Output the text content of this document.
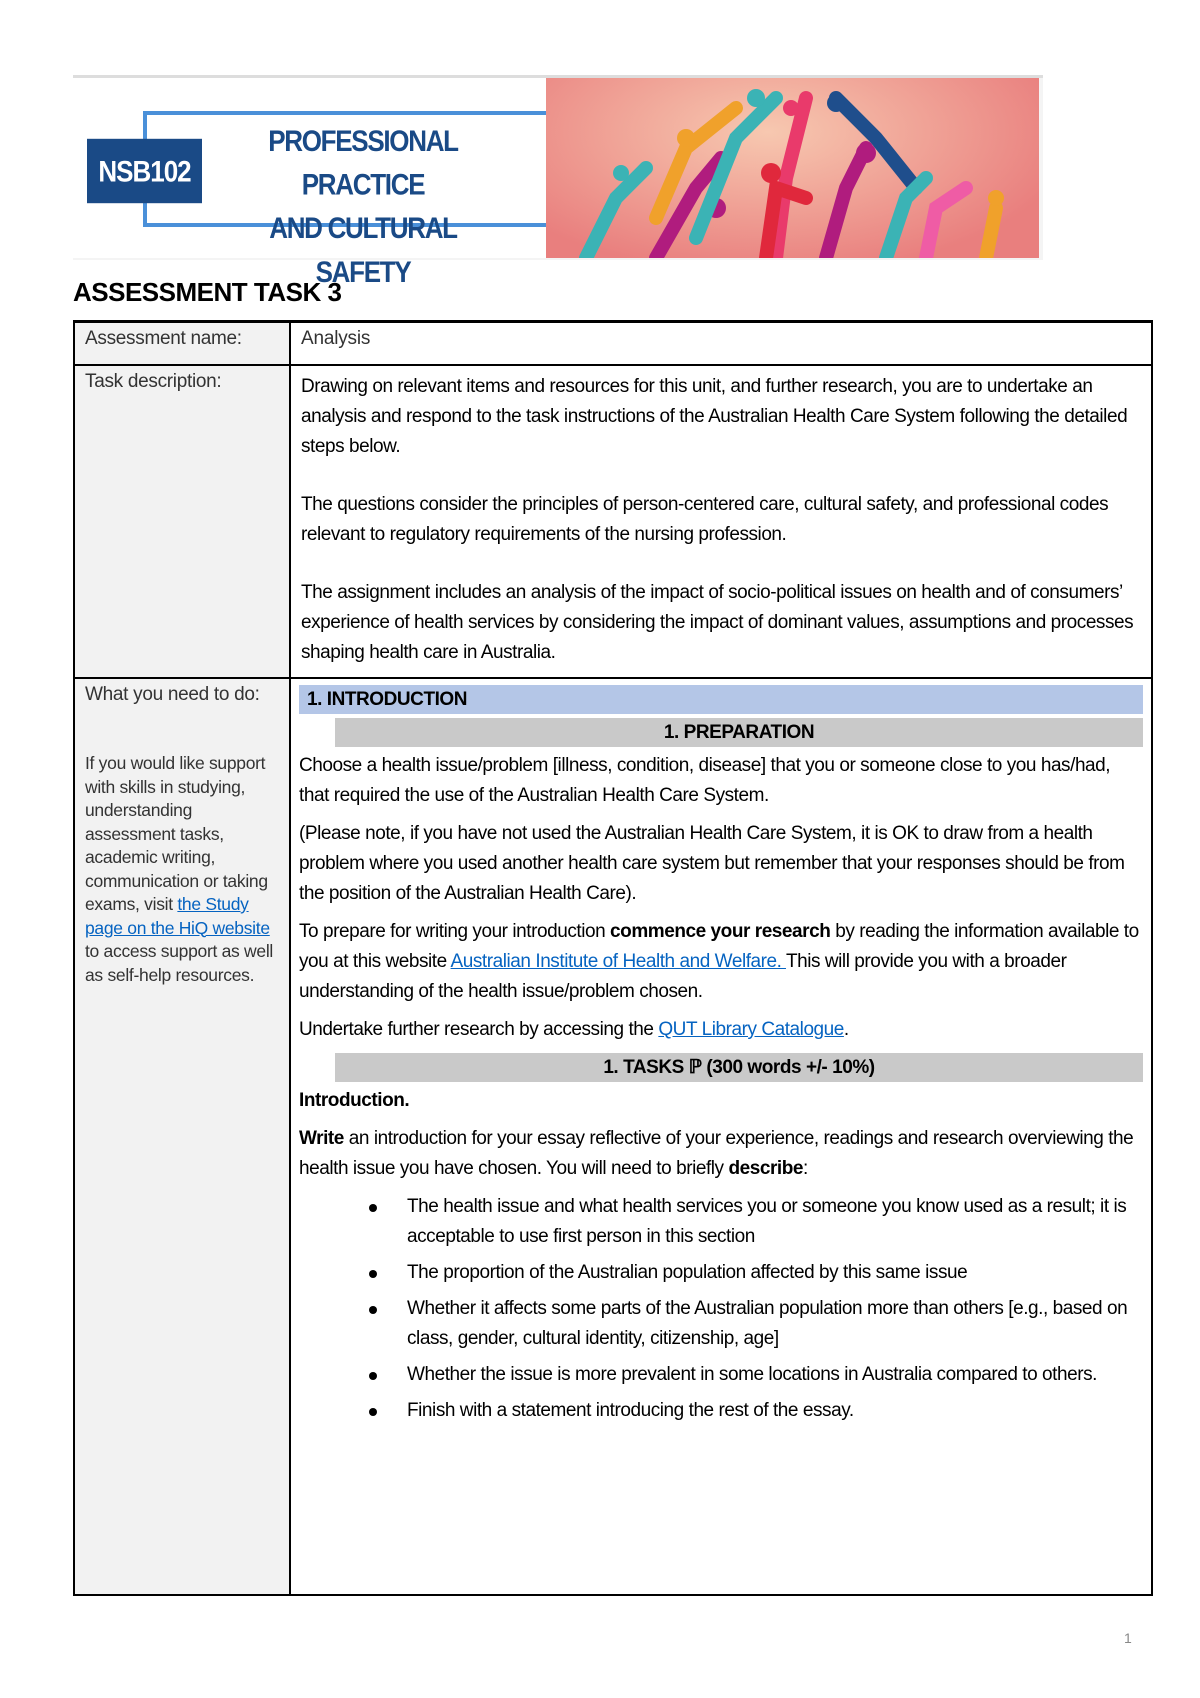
NSB102
PROFESSIONAL PRACTICE
AND CULTURAL SAFETY
ASSESSMENT TASK 3
Assessment name:	Analysis
Task description:	Drawing on relevant items and resources for this unit, and further research, you are to undertake an analysis and respond to the task instructions of the Australian Health Care System following the detailed steps below.

The questions consider the principles of person-centered care, cultural safety, and professional codes relevant to regulatory requirements of the nursing profession.

The assignment includes an analysis of the impact of socio-political issues on health and of consumers’ experience of health services by considering the impact of dominant values, assumptions and processes shaping health care in Australia.

What you need to do:
If you would like support with skills in studying, understanding assessment tasks, academic writing, communication or taking exams, visit the Study page on the HiQ website to access support as well as self-help resources.
1. INTRODUCTION
1. PREPARATION

Choose a health issue/problem [illness, condition, disease] that you or someone close to you has/had, that required the use of the Australian Health Care System.

(Please note, if you have not used the Australian Health Care System, it is OK to draw from a health problem where you used another health care system but remember that your responses should be from the position of the Australian Health Care).

To prepare for writing your introduction commence your research by reading the information available to you at this website Australian Institute of Health and Welfare. This will provide you with a broader understanding of the health issue/problem chosen.

Undertake further research by accessing the QUT Library Catalogue.

1. TASKS ℙ (300 words +/- 10%)

Introduction.

Write an introduction for your essay reflective of your experience, readings and research overviewing the health issue you have chosen. You will need to briefly describe:

The health issue and what health services you or someone you know used as a result; it is acceptable to use first person in this section
The proportion of the Australian population affected by this same issue
Whether it affects some parts of the Australian population more than others [e.g., based on class, gender, cultural identity, citizenship, age]
Whether the issue is more prevalent in some locations in Australia compared to others.
Finish with a statement introducing the rest of the essay.
1
